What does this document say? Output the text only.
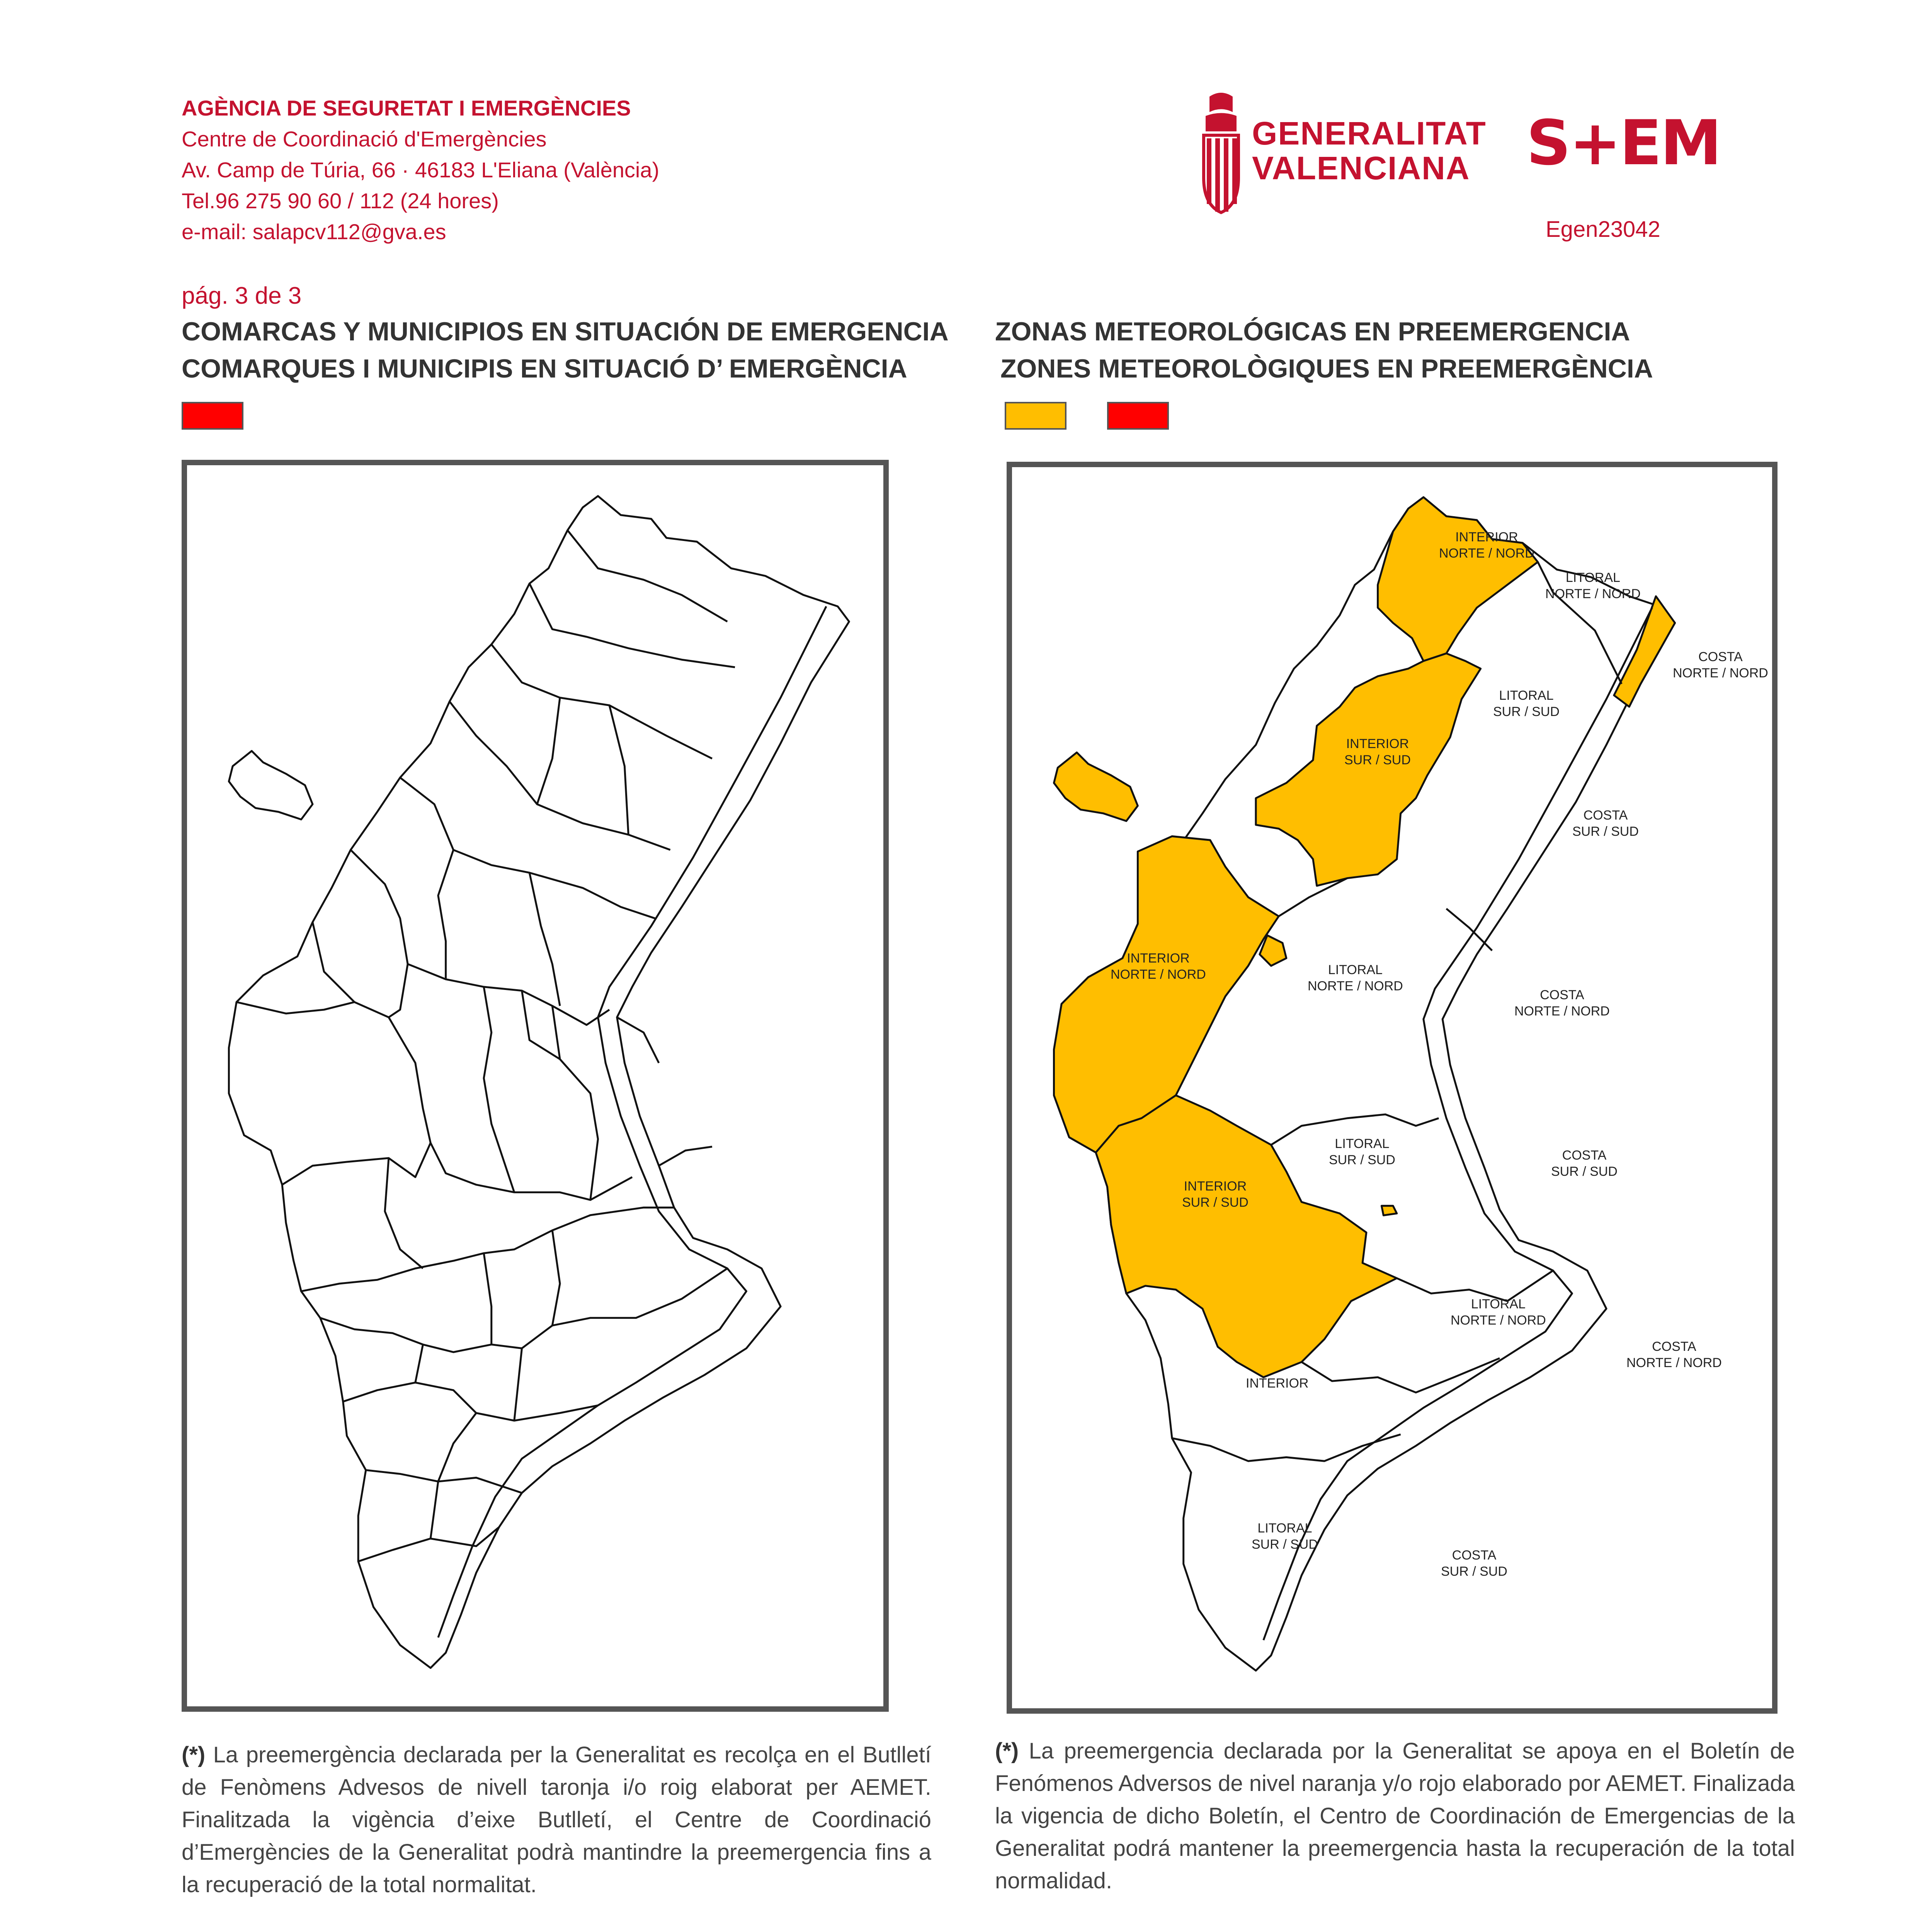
AGÈNCIA DE SEGURETAT I EMERGÈNCIES
Centre de Coordinació d'Emergències
Av. Camp de Túria, 66 · 46183 L'Eliana (València)
Tel.96 275 90 60 / 112 (24 hores)
e-mail: salapcv112@gva.es
GENERALITAT
VALENCIANA S+EM
Egen23042
pág. 3 de 3
COMARCAS Y MUNICIPIOS EN SITUACIÓN DE EMERGENCIA
COMARQUES I MUNICIPIS EN SITUACIÓ D’ EMERGÈNCIA
ZONAS METEOROLÓGICAS EN PREEMERGENCIA
ZONES METEOROLÒGIQUES EN PREEMERGÈNCIA
INTERIOR
NORTE / NORD
LITORAL
NORTE / NORD
COSTA
NORTE / NORD
LITORAL
SUR / SUD
INTERIOR
SUR / SUD
COSTA
SUR / SUD
INTERIOR
NORTE / NORD	LITORAL
NORTE / NORD
COSTA
NORTE / NORD
LITORAL
SUR / SUD	COSTA
SUR / SUD
INTERIOR
SUR / SUD
LITORAL
NORTE / NORD
COSTA
NORTE / NORD
INTERIOR
LITORAL
SUR / SUD
COSTA
SUR / SUD
(*) La preemergència declarada per la Generalitat es recolça en el Butlletí de Fenòmens Advesos de nivell taronja i/o roig elaborat per AEMET. Finalitzada la vigència d’eixe Butlletí, el Centre de Coordinació d’Emergències de la Generalitat podrà mantindre la preemergencia fins a la recuperació de la total normalitat.
(*) La preemergencia declarada por la Generalitat se apoya en el Boletín de Fenómenos Adversos de nivel naranja y/o rojo elaborado por AEMET. Finalizada la vigencia de dicho Boletín, el Centro de Coordinación de Emergencias de la Generalitat podrá mantener la preemergencia hasta la recuperación de la total normalidad.
